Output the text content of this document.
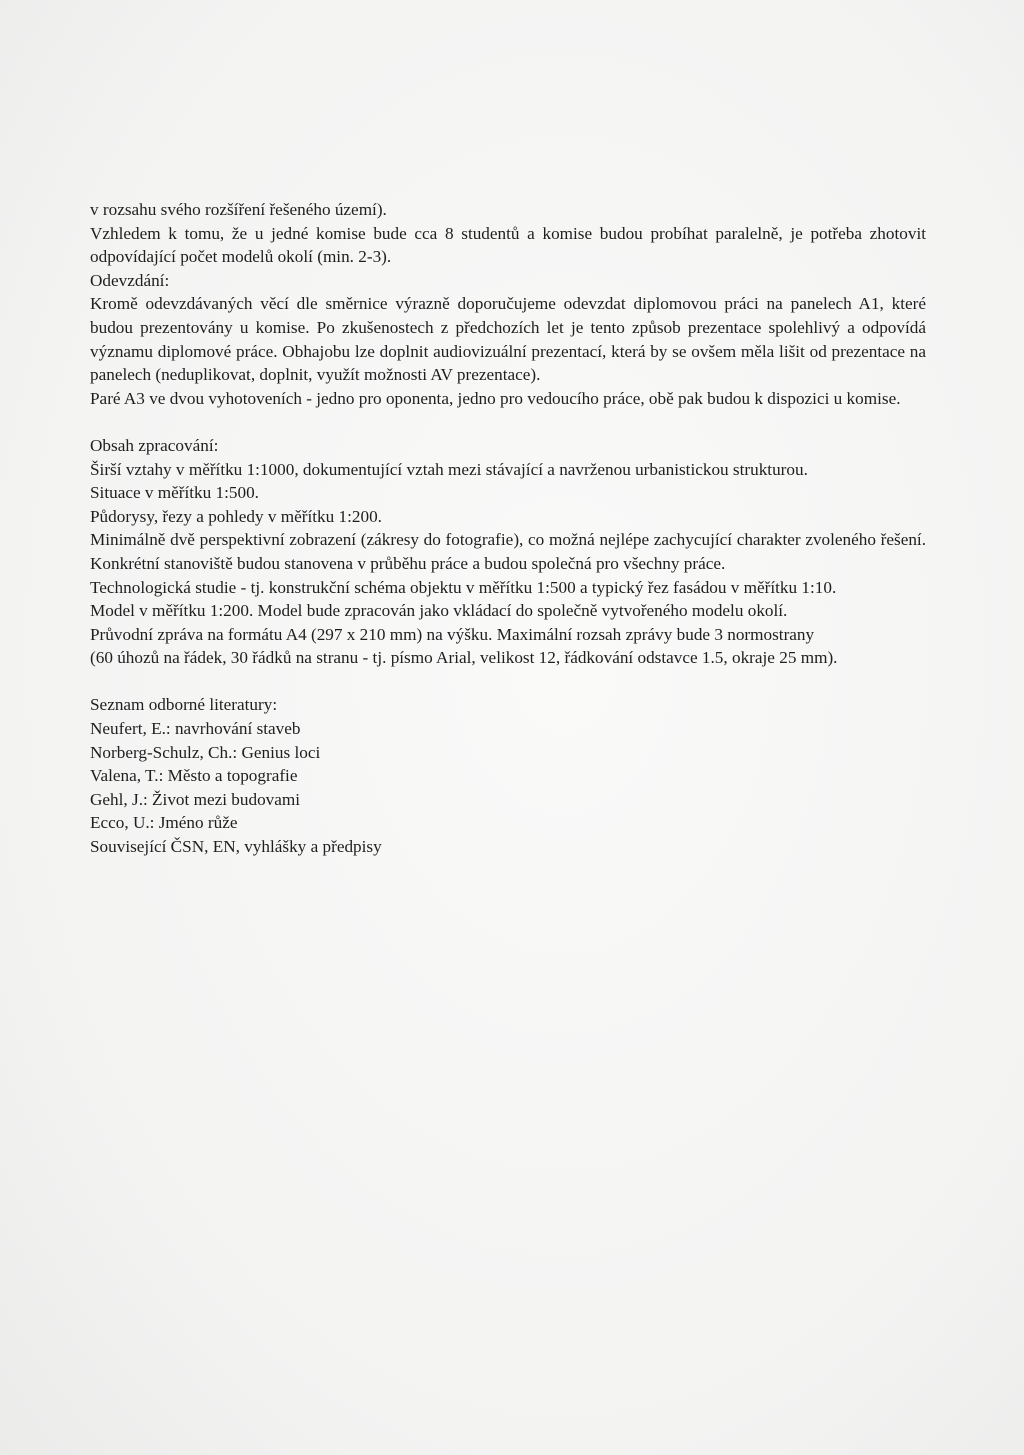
v rozsahu svého rozšíření řešeného území).

Vzhledem k tomu, že u jedné komise bude cca 8 studentů a komise budou probíhat paralelně, je potřeba zhotovit odpovídající počet modelů okolí (min. 2-3).

Odevzdání:

Kromě odevzdávaných věcí dle směrnice výrazně doporučujeme odevzdat diplomovou práci na panelech A1, které budou prezentovány u komise. Po zkušenostech z předchozích let je tento způsob prezentace spolehlivý a odpovídá významu diplomové práce. Obhajobu lze doplnit audiovizuální prezentací, která by se ovšem měla lišit od prezentace na panelech (neduplikovat, doplnit, využít možnosti AV prezentace).

Paré A3 ve dvou vyhotoveních - jedno pro oponenta, jedno pro vedoucího práce, obě pak budou k dispozici u komise.

Obsah zpracování:

Širší vztahy v měřítku 1:1000, dokumentující vztah mezi stávající a navrženou urbanistickou strukturou.

Situace v měřítku 1:500.

Půdorysy, řezy a pohledy v měřítku 1:200.

Minimálně dvě perspektivní zobrazení (zákresy do fotografie), co možná nejlépe zachycující charakter zvoleného řešení. Konkrétní stanoviště budou stanovena v průběhu práce a budou společná pro všechny práce.

Technologická studie - tj. konstrukční schéma objektu v měřítku 1:500 a typický řez fasádou v měřítku 1:10.

Model v měřítku 1:200. Model bude zpracován jako vkládací do společně vytvořeného modelu okolí.

Průvodní zpráva na formátu A4 (297 x 210 mm) na výšku. Maximální rozsah zprávy bude 3 normostrany

(60 úhozů na řádek, 30 řádků na stranu - tj. písmo Arial, velikost 12, řádkování odstavce 1.5, okraje 25 mm).

Seznam odborné literatury:

Neufert, E.: navrhování staveb
Norberg-Schulz, Ch.: Genius loci
Valena, T.: Město a topografie
Gehl, J.: Život mezi budovami
Ecco, U.: Jméno růže
Související ČSN, EN, vyhlášky a předpisy
